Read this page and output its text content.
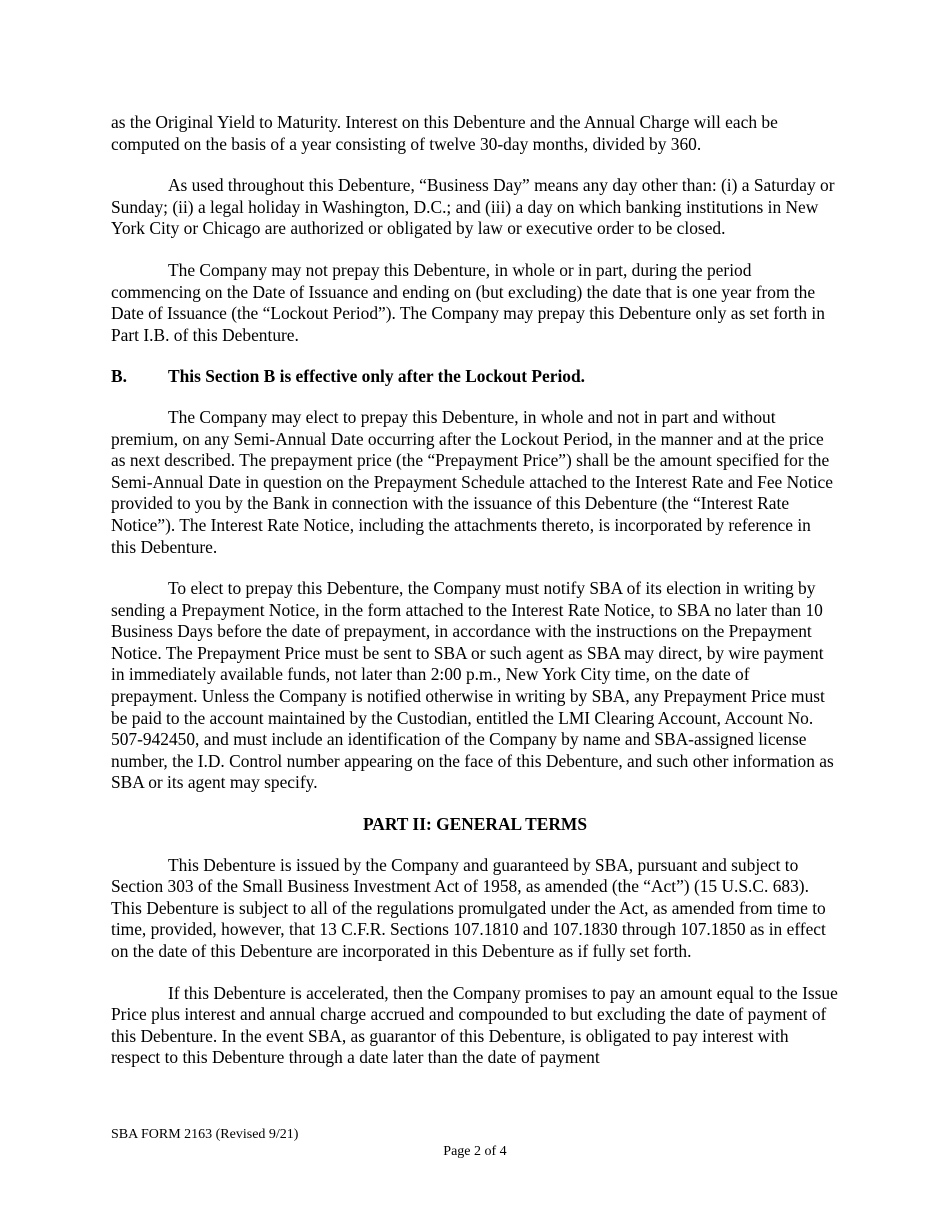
as the Original Yield to Maturity. Interest on this Debenture and the Annual Charge will each be computed on the basis of a year consisting of twelve 30-day months, divided by 360.

As used throughout this Debenture, “Business Day” means any day other than: (i) a Saturday or Sunday; (ii) a legal holiday in Washington, D.C.; and (iii) a day on which banking institutions in New York City or Chicago are authorized or obligated by law or executive order to be closed.

The Company may not prepay this Debenture, in whole or in part, during the period commencing on the Date of Issuance and ending on (but excluding) the date that is one year from the Date of Issuance (the “Lockout Period”). The Company may prepay this Debenture only as set forth in Part I.B. of this Debenture.

B.	This Section B is effective only after the Lockout Period.

The Company may elect to prepay this Debenture, in whole and not in part and without premium, on any Semi-Annual Date occurring after the Lockout Period, in the manner and at the price as next described. The prepayment price (the “Prepayment Price”) shall be the amount specified for the Semi-Annual Date in question on the Prepayment Schedule attached to the Interest Rate and Fee Notice provided to you by the Bank in connection with the issuance of this Debenture (the “Interest Rate Notice”). The Interest Rate Notice, including the attachments thereto, is incorporated by reference in this Debenture.

To elect to prepay this Debenture, the Company must notify SBA of its election in writing by sending a Prepayment Notice, in the form attached to the Interest Rate Notice, to SBA no later than 10 Business Days before the date of prepayment, in accordance with the instructions on the Prepayment Notice. The Prepayment Price must be sent to SBA or such agent as SBA may direct, by wire payment in immediately available funds, not later than 2:00 p.m., New York City time, on the date of prepayment. Unless the Company is notified otherwise in writing by SBA, any Prepayment Price must be paid to the account maintained by the Custodian, entitled the LMI Clearing Account, Account No. 507-942450, and must include an identification of the Company by name and SBA-assigned license number, the I.D. Control number appearing on the face of this Debenture, and such other information as SBA or its agent may specify.

PART II: GENERAL TERMS

This Debenture is issued by the Company and guaranteed by SBA, pursuant and subject to Section 303 of the Small Business Investment Act of 1958, as amended (the “Act”) (15 U.S.C. 683). This Debenture is subject to all of the regulations promulgated under the Act, as amended from time to time, provided, however, that 13 C.F.R. Sections 107.1810 and 107.1830 through 107.1850 as in effect on the date of this Debenture are incorporated in this Debenture as if fully set forth.

If this Debenture is accelerated, then the Company promises to pay an amount equal to the Issue Price plus interest and annual charge accrued and compounded to but excluding the date of payment of this Debenture. In the event SBA, as guarantor of this Debenture, is obligated to pay interest with respect to this Debenture through a date later than the date of payment

SBA FORM 2163 (Revised 9/21)
Page 2 of 4
